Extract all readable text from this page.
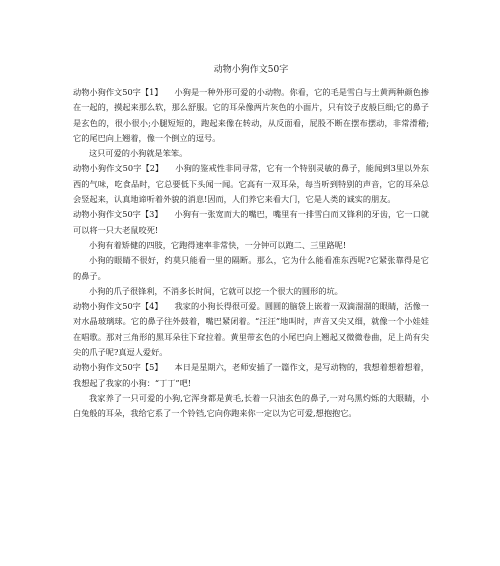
动物小狗作文50字

动物小狗作文50字【1】 小狗是一种外形可爱的小动物。你看，它的毛是雪白与土黄两种颜色掺在一起的，摸起来那么软，那么舒服。它的耳朵像两片灰色的小面片，只有饺子皮般巨细;它的鼻子是玄色的，很小很小;小腿短短的，跑起来像在转动，从反面看，屁股不断在摆布摆动，非常滑稽;它的尾巴向上翘着，像一个倒立的逗号。

这只可爱的小狗就是笨笨。

动物小狗作文50字【2】 小狗的鉴戒性非同寻常，它有一个特别灵敏的鼻子，能闻到3里以外东西的气味，吃食品时，它总要低下头闻一闻。它高有一双耳朵，每当听到特别的声音，它的耳朵总会竖起来，认真地谛听着外貌的消息!因而，人们养它来看大门，它是人类的诚实的朋友。

动物小狗作文50字【3】 小狗有一张宽而大的嘴巴，嘴里有一排雪白而又锋利的牙齿，它一口就可以将一只大老鼠咬死!

小狗有着矫健的四肢，它跑得速率非常快，一分钟可以跑二、三里路呢!

小狗的眼睛不很好，约莫只能看一里的隔断。那么，它为什么能看准东西呢?它紧张靠得是它的鼻子。

小狗的爪子很锋利，不消多长时间，它就可以挖一个很大的圆形的坑。

动物小狗作文50字【4】 我家的小狗长得很可爱。圆圆的脑袋上嵌着一双滴溜溜的眼睛，活像一对水晶玻璃球。它的鼻子往外鼓着，嘴巴紧闭着。“汪汪”地叫时，声音又尖又细，就像一个小娃娃在唱歌。那对三角形的黑耳朵往下耷拉着。黄里带玄色的小尾巴向上翘起又微微卷曲，足上尚有尖尖的爪子呢?真逗人爱好。

动物小狗作文50字【5】 本日是星期六，老师安插了一篇作文，是写动物的，我想着想着想着，我想起了我家的小狗：“丁丁”吧!

我家养了一只可爱的小狗,它浑身都是黄毛,长着一只油玄色的鼻子,一对乌黑灼烁的大眼睛，小白兔般的耳朵，我给它系了一个铃铛,它向你跑来你一定以为它可爱,想抱抱它。
